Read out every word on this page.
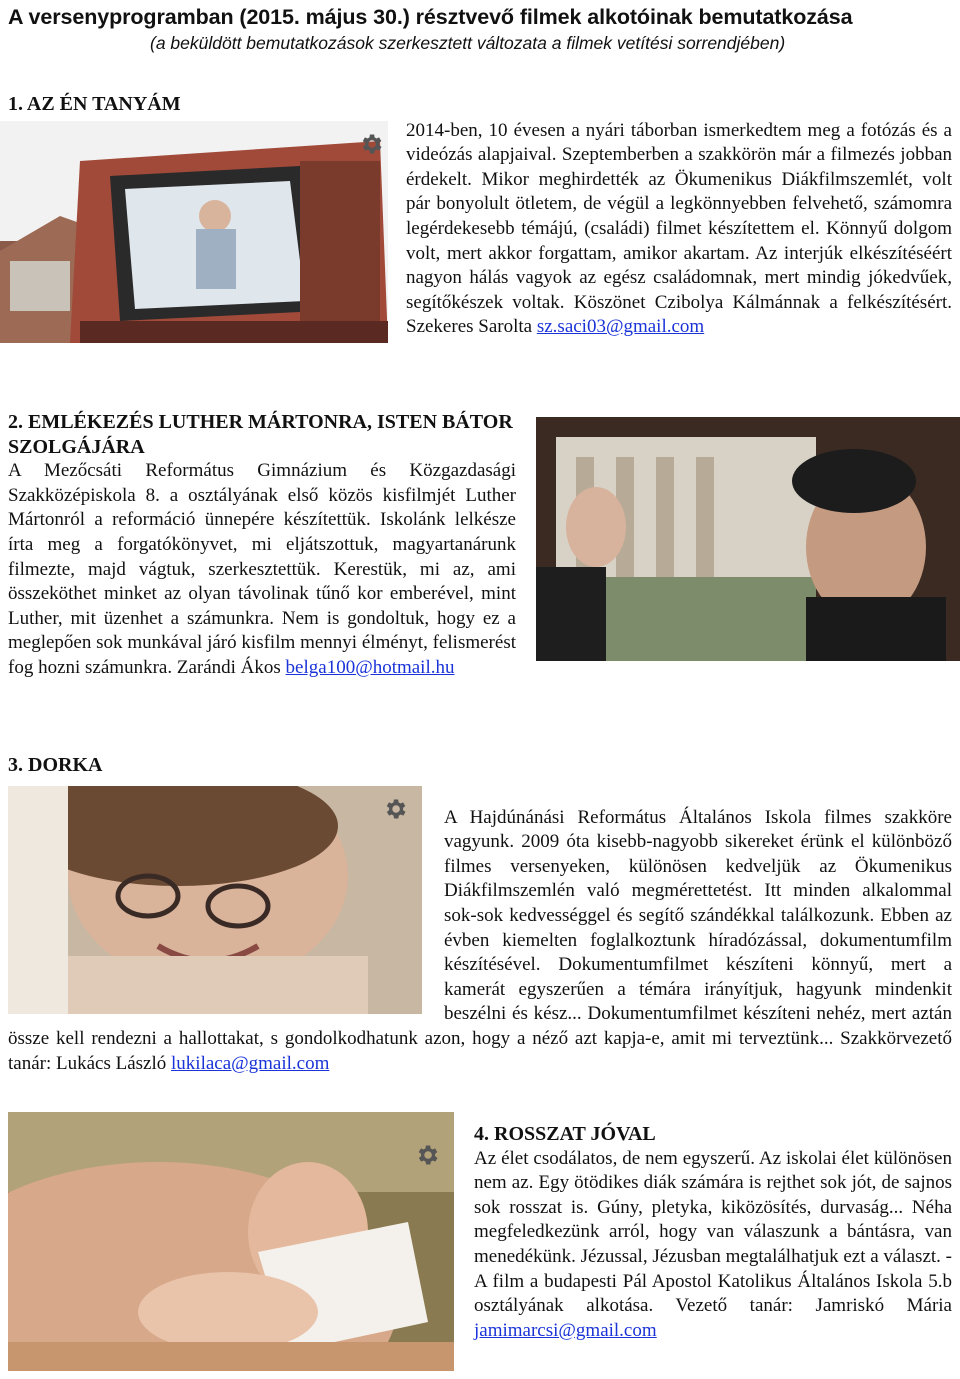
A versenyprogramban (2015. május 30.) résztvevő filmek alkotóinak bemutatkozása
(a beküldött bemutatkozások szerkesztett változata a filmek vetítési sorrendjében)
1. AZ ÉN TANYÁM

2014-ben, 10 évesen a nyári táborban ismerkedtem meg a fotózás és a videózás alapjaival. Szeptemberben a szakkörön már a filmezés jobban érdekelt. Mikor meghirdették az Ökumenikus Diákfilmszemlét, volt pár bonyolult ötletem, de végül a legkönnyebben felvehető, számomra legérdekesebb témájú, (családi) filmet készítettem el. Könnyű dolgom volt, mert akkor forgattam, amikor akartam. Az interjúk elkészítéséért nagyon hálás vagyok az egész családomnak, mert mindig jókedvűek, segítőkészek voltak. Köszönet Czibolya Kálmánnak a felkészítésért. Szekeres Sarolta sz.saci03@gmail.com

2. EMLÉKEZÉS LUTHER MÁRTONRA, ISTEN BÁTOR SZOLGÁJÁRA

A Mezőcsáti Református Gimnázium és Közgazdasági Szakközépiskola 8. a osztályának első közös kisfilmjét Luther Mártonról a reformáció ünnepére készítettük. Iskolánk lelkésze írta meg a forgatókönyvet, mi eljátszottuk, magyartanárunk filmezte, majd vágtuk, szerkesztettük. Kerestük, mi az, ami összeköthet minket az olyan távolinak tűnő kor emberével, mint Luther, mit üzenhet a számunkra. Nem is gondoltuk, hogy ez a meglepően sok munkával járó kisfilm mennyi élményt, felismerést fog hozni számunkra. Zarándi Ákos belga100@hotmail.hu

3. DORKA

A Hajdúnánási Református Általános Iskola filmes szakköre vagyunk. 2009 óta kisebb-nagyobb sikereket érünk el különböző filmes versenyeken, különösen kedveljük az Ökumenikus Diákfilmszemlén való megmérettetést. Itt minden alkalommal sok-sok kedvességgel és segítő szándékkal találkozunk. Ebben az évben kiemelten foglalkoztunk híradózással, dokumentumfilm készítésével. Dokumentumfilmet készíteni könnyű, mert a kamerát egyszerűen a témára irányítjuk, hagyunk mindenkit beszélni és kész... Dokumentumfilmet készíteni nehéz, mert aztán össze kell rendezni a hallottakat, s gondolkodhatunk azon, hogy a néző azt kapja-e, amit mi terveztünk... Szakkörvezető tanár: Lukács László lukilaca@gmail.com

4. ROSSZAT JÓVAL

Az élet csodálatos, de nem egyszerű. Az iskolai élet különösen nem az. Egy ötödikes diák számára is rejthet sok jót, de sajnos sok rosszat is. Gúny, pletyka, kiközösítés, durvaság... Néha megfeledkezünk arról, hogy van válaszunk a bántásra, van menedékünk. Jézussal, Jézusban megtalálhatjuk ezt a választ. - A film a budapesti Pál Apostol Katolikus Általános Iskola 5.b osztályának alkotása. Vezető tanár: Jamriskó Mária jamimarcsi@gmail.com
